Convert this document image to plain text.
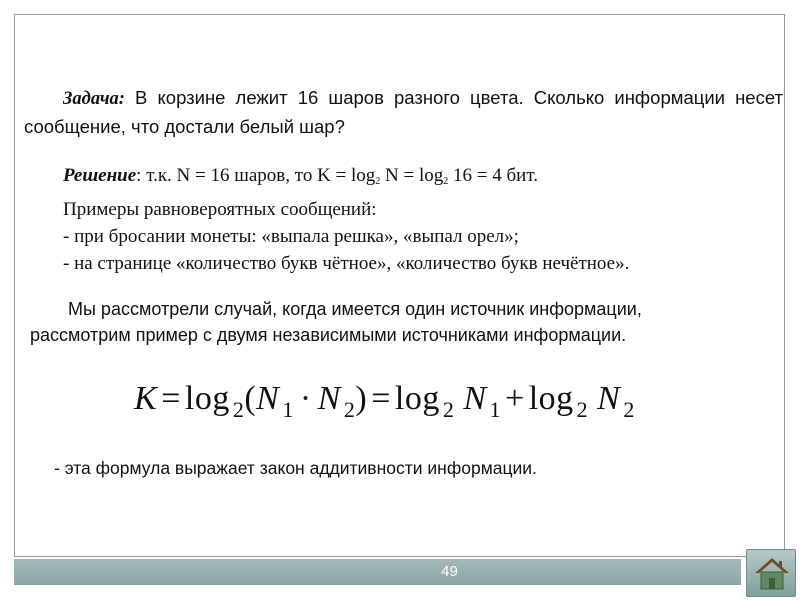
Задача: В корзине лежит 16 шаров разного цвета. Сколько информации несет сообщение, что достали белый шар?
Решение: т.к. N = 16 шаров, то $K = \log_2 N = \log_2 16 = 4$ бит.
Примеры равновероятных сообщений:
- при бросании монеты: «выпала решка», «выпал орел»;
- на странице «количество букв чётное», «количество букв нечётное».
Мы рассмотрели случай, когда имеется один источник информации,
рассмотрим пример с двумя независимыми источниками информации.
K = log $_2$(N $_1$ · N $_2$) = log $_2$ N $_1$ + log $_2$ N $_2$
- эта формула выражает закон аддитивности информации.
49
